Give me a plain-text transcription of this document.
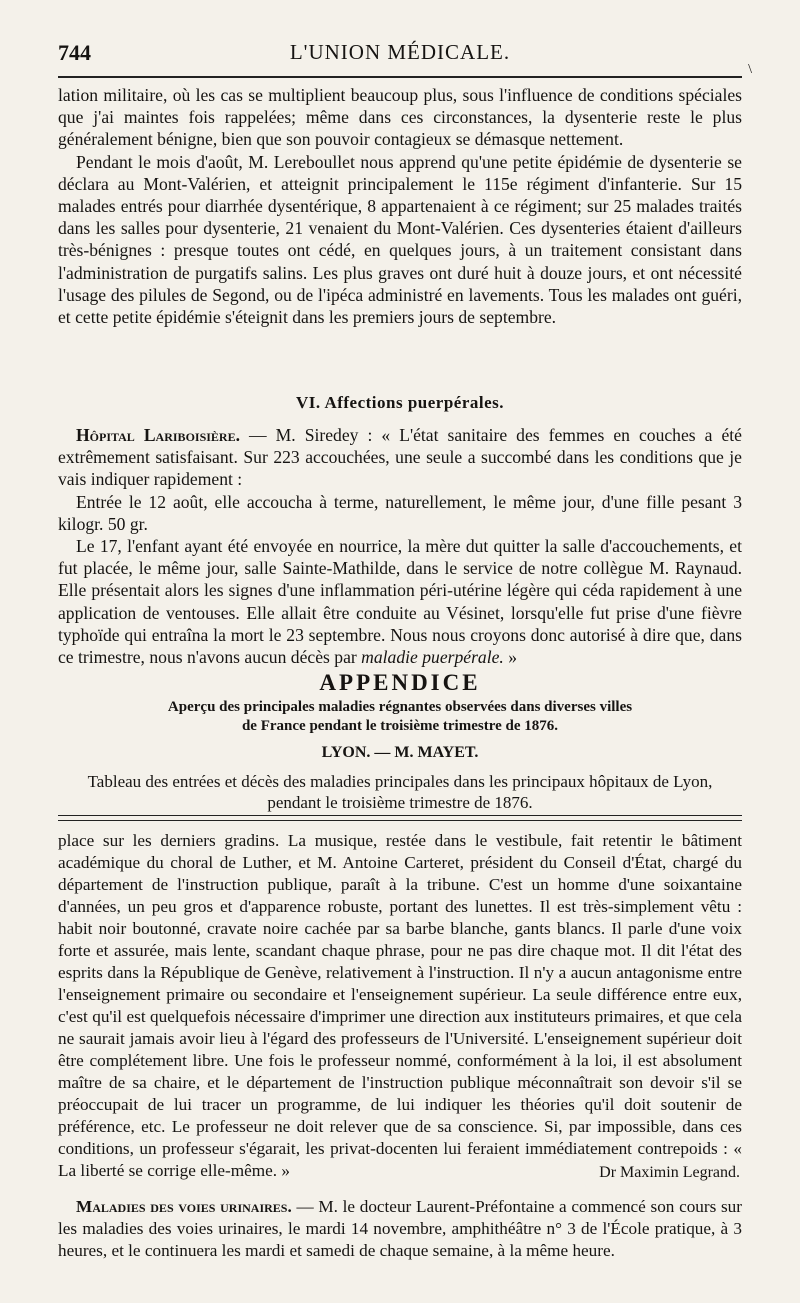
744	L'UNION MÉDICALE.
\

lation militaire, où les cas se multiplient beaucoup plus, sous l'influence de conditions spéciales que j'ai maintes fois rappelées; même dans ces circonstances, la dysenterie reste le plus généralement bénigne, bien que son pouvoir contagieux se démasque nettement.

Pendant le mois d'août, M. Lereboullet nous apprend qu'une petite épidémie de dysenterie se déclara au Mont-Valérien, et atteignit principalement le 115e régiment d'infanterie. Sur 15 malades entrés pour diarrhée dysentérique, 8 appartenaient à ce régiment; sur 25 malades traités dans les salles pour dysenterie, 21 venaient du Mont-Valérien. Ces dysenteries étaient d'ailleurs très-bénignes : presque toutes ont cédé, en quelques jours, à un traitement consistant dans l'administration de purgatifs salins. Les plus graves ont duré huit à douze jours, et ont nécessité l'usage des pilules de Segond, ou de l'ipéca administré en lavements. Tous les malades ont guéri, et cette petite épidémie s'éteignit dans les premiers jours de septembre.

VI. Affections puerpérales.

Hôpital Lariboisière. — M. Siredey : « L'état sanitaire des femmes en couches a été extrêmement satisfaisant. Sur 223 accouchées, une seule a succombé dans les conditions que je vais indiquer rapidement :

Entrée le 12 août, elle accoucha à terme, naturellement, le même jour, d'une fille pesant 3 kilogr. 50 gr.

Le 17, l'enfant ayant été envoyée en nourrice, la mère dut quitter la salle d'accouchements, et fut placée, le même jour, salle Sainte-Mathilde, dans le service de notre collègue M. Raynaud. Elle présentait alors les signes d'une inflammation péri-utérine légère qui céda rapidement à une application de ventouses. Elle allait être conduite au Vésinet, lorsqu'elle fut prise d'une fièvre typhoïde qui entraîna la mort le 23 septembre. Nous nous croyons donc autorisé à dire que, dans ce trimestre, nous n'avons aucun décès par maladie puerpérale. »

APPENDICE
Aperçu des principales maladies régnantes observées dans diverses villes
de France pendant le troisième trimestre de 1876.
LYON. — M. MAYET.
Tableau des entrées et décès des maladies principales dans les principaux hôpitaux de Lyon,
pendant le troisième trimestre de 1876.

place sur les derniers gradins. La musique, restée dans le vestibule, fait retentir le bâtiment académique du choral de Luther, et M. Antoine Carteret, président du Conseil d'État, chargé du département de l'instruction publique, paraît à la tribune. C'est un homme d'une soixantaine d'années, un peu gros et d'apparence robuste, portant des lunettes. Il est très-simplement vêtu : habit noir boutonné, cravate noire cachée par sa barbe blanche, gants blancs. Il parle d'une voix forte et assurée, mais lente, scandant chaque phrase, pour ne pas dire chaque mot. Il dit l'état des esprits dans la République de Genève, relativement à l'instruction. Il n'y a aucun antagonisme entre l'enseignement primaire ou secondaire et l'enseignement supérieur. La seule différence entre eux, c'est qu'il est quelquefois nécessaire d'imprimer une direction aux instituteurs primaires, et que cela ne saurait jamais avoir lieu à l'égard des professeurs de l'Université. L'enseignement supérieur doit être complétement libre. Une fois le professeur nommé, conformément à la loi, il est absolument maître de sa chaire, et le département de l'instruction publique méconnaîtrait son devoir s'il se préoccupait de lui tracer un programme, de lui indiquer les théories qu'il doit soutenir de préférence, etc. Le professeur ne doit relever que de sa conscience. Si, par impossible, dans ces conditions, un professeur s'égarait, les privat-docenten lui feraient immédiatement contrepoids : « La liberté se corrige elle-même. »	Dr Maximin Legrand.

Maladies des voies urinaires. — M. le docteur Laurent-Préfontaine a commencé son cours sur les maladies des voies urinaires, le mardi 14 novembre, amphithéâtre n° 3 de l'École pratique, à 3 heures, et le continuera les mardi et samedi de chaque semaine, à la même heure.
